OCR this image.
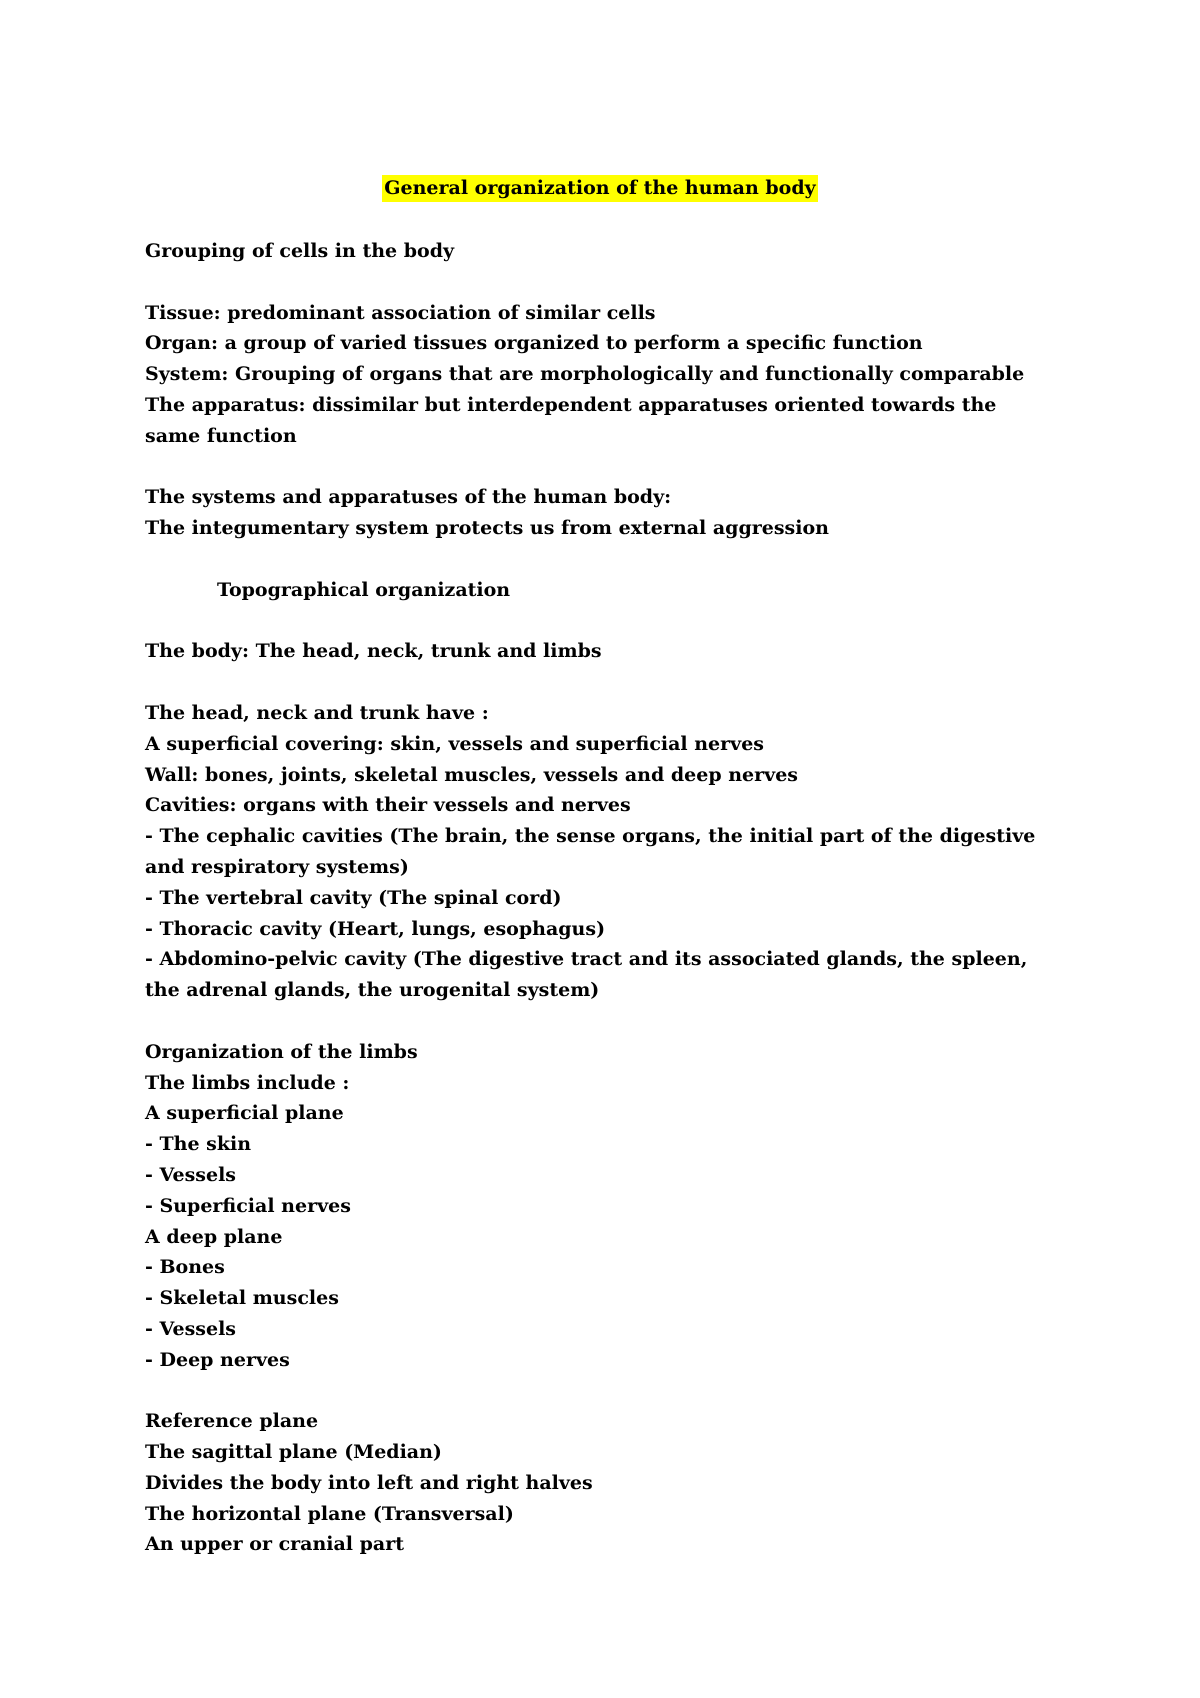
General organization of the human body
Grouping of cells in the body
Tissue: predominant association of similar cells
Organ: a group of varied tissues organized to perform a specific function
System: Grouping of organs that are morphologically and functionally comparable
The apparatus: dissimilar but interdependent apparatuses oriented towards the
same function
The systems and apparatuses of the human body:
The integumentary system protects us from external aggression
Topographical organization
The body: The head, neck, trunk and limbs
The head, neck and trunk have :
A superficial covering: skin, vessels and superficial nerves
Wall: bones, joints, skeletal muscles, vessels and deep nerves
Cavities: organs with their vessels and nerves
- The cephalic cavities (The brain, the sense organs, the initial part of the digestive
and respiratory systems)
- The vertebral cavity (The spinal cord)
- Thoracic cavity (Heart, lungs, esophagus)
- Abdomino-pelvic cavity (The digestive tract and its associated glands, the spleen,
the adrenal glands, the urogenital system)
Organization of the limbs
The limbs include :
A superficial plane
- The skin
- Vessels
- Superficial nerves
A deep plane
- Bones
- Skeletal muscles
- Vessels
- Deep nerves
Reference plane
The sagittal plane (Median)
Divides the body into left and right halves
The horizontal plane (Transversal)
An upper or cranial part
